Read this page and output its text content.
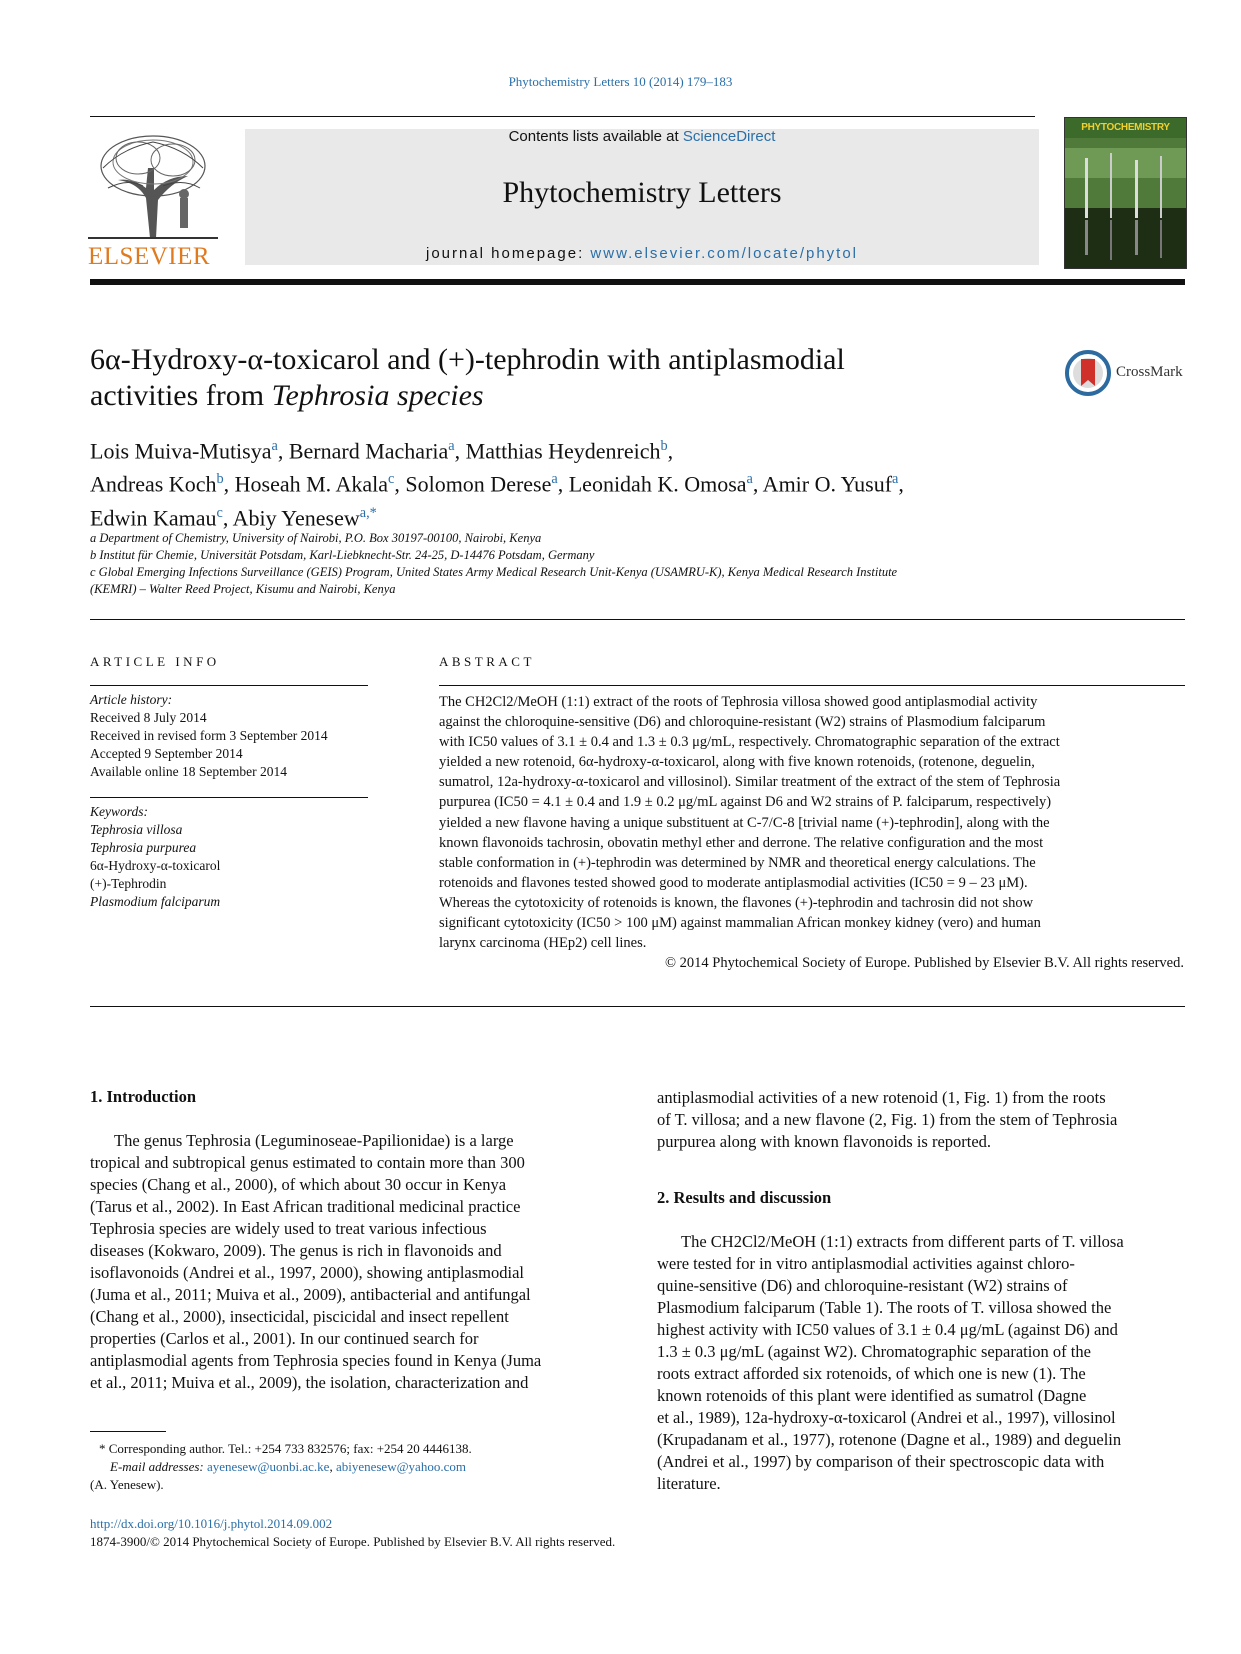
Phytochemistry Letters 10 (2014) 179–183
ELSEVIER
Contents lists available at ScienceDirect
Phytochemistry Letters
journal homepage: www.elsevier.com/locate/phytol
PHYTOCHEMISTRY
6α-Hydroxy-α-toxicarol and (+)-tephrodin with antiplasmodial
activities from Tephrosia species
CrossMark
Lois Muiva-Mutisya$^a$, Bernard Macharia$^a$, Matthias Heydenreich$^b$,
Andreas Koch$^b$, Hoseah M. Akala$^c$, Solomon Derese$^a$, Leonidah K. Omosa$^a$, Amir O. Yusuf$^a$,
Edwin Kamau$^c$, Abiy Yenesew$^{a,*}$
a Department of Chemistry, University of Nairobi, P.O. Box 30197-00100, Nairobi, Kenya
b Institut für Chemie, Universität Potsdam, Karl-Liebknecht-Str. 24-25, D-14476 Potsdam, Germany
c Global Emerging Infections Surveillance (GEIS) Program, United States Army Medical Research Unit-Kenya (USAMRU-K), Kenya Medical Research Institute
(KEMRI) – Walter Reed Project, Kisumu and Nairobi, Kenya
ARTICLE INFO
Article history:
Received 8 July 2014
Received in revised form 3 September 2014
Accepted 9 September 2014
Available online 18 September 2014
Keywords:
Tephrosia villosa
Tephrosia purpurea
6α-Hydroxy-α-toxicarol
(+)-Tephrodin
Plasmodium falciparum
ABSTRACT
The CH2Cl2/MeOH (1:1) extract of the roots of Tephrosia villosa showed good antiplasmodial activity
against the chloroquine-sensitive (D6) and chloroquine-resistant (W2) strains of Plasmodium falciparum
with IC50 values of 3.1 ± 0.4 and 1.3 ± 0.3 μg/mL, respectively. Chromatographic separation of the extract
yielded a new rotenoid, 6α-hydroxy-α-toxicarol, along with five known rotenoids, (rotenone, deguelin,
sumatrol, 12a-hydroxy-α-toxicarol and villosinol). Similar treatment of the extract of the stem of Tephrosia
purpurea (IC50 = 4.1 ± 0.4 and 1.9 ± 0.2 μg/mL against D6 and W2 strains of P. falciparum, respectively)
yielded a new flavone having a unique substituent at C-7/C-8 [trivial name (+)-tephrodin], along with the
known flavonoids tachrosin, obovatin methyl ether and derrone. The relative configuration and the most
stable conformation in (+)-tephrodin was determined by NMR and theoretical energy calculations. The
rotenoids and flavones tested showed good to moderate antiplasmodial activities (IC50 = 9 – 23 μM).
Whereas the cytotoxicity of rotenoids is known, the flavones (+)-tephrodin and tachrosin did not show
significant cytotoxicity (IC50 > 100 μM) against mammalian African monkey kidney (vero) and human
larynx carcinoma (HEp2) cell lines.
© 2014 Phytochemical Society of Europe. Published by Elsevier B.V. All rights reserved.
1. Introduction
The genus Tephrosia (Leguminoseae-Papilionidae) is a large
tropical and subtropical genus estimated to contain more than 300
species (Chang et al., 2000), of which about 30 occur in Kenya
(Tarus et al., 2002). In East African traditional medicinal practice
Tephrosia species are widely used to treat various infectious
diseases (Kokwaro, 2009). The genus is rich in flavonoids and
isoflavonoids (Andrei et al., 1997, 2000), showing antiplasmodial
(Juma et al., 2011; Muiva et al., 2009), antibacterial and antifungal
(Chang et al., 2000), insecticidal, piscicidal and insect repellent
properties (Carlos et al., 2001). In our continued search for
antiplasmodial agents from Tephrosia species found in Kenya (Juma
et al., 2011; Muiva et al., 2009), the isolation, characterization and
antiplasmodial activities of a new rotenoid (1, Fig. 1) from the roots
of T. villosa; and a new flavone (2, Fig. 1) from the stem of Tephrosia
purpurea along with known flavonoids is reported.
2. Results and discussion
The CH2Cl2/MeOH (1:1) extracts from different parts of T. villosa
were tested for in vitro antiplasmodial activities against chloro-
quine-sensitive (D6) and chloroquine-resistant (W2) strains of
Plasmodium falciparum (Table 1). The roots of T. villosa showed the
highest activity with IC50 values of 3.1 ± 0.4 μg/mL (against D6) and
1.3 ± 0.3 μg/mL (against W2). Chromatographic separation of the
roots extract afforded six rotenoids, of which one is new (1). The
known rotenoids of this plant were identified as sumatrol (Dagne
et al., 1989), 12a-hydroxy-α-toxicarol (Andrei et al., 1997), villosinol
(Krupadanam et al., 1977), rotenone (Dagne et al., 1989) and deguelin
(Andrei et al., 1997) by comparison of their spectroscopic data with
literature.
* Corresponding author. Tel.: +254 733 832576; fax: +254 20 4446138.
E-mail addresses: ayenesew@uonbi.ac.ke, abiyenesew@yahoo.com
(A. Yenesew).
http://dx.doi.org/10.1016/j.phytol.2014.09.002
1874-3900/© 2014 Phytochemical Society of Europe. Published by Elsevier B.V. All rights reserved.
